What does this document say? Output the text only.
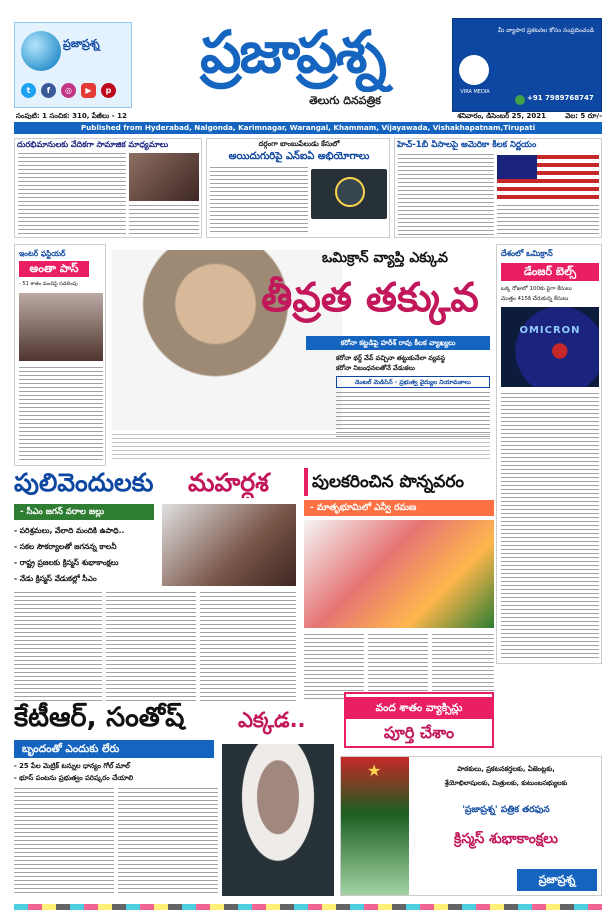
ప్రజాప్రశ్న
t	f	◎	▶	p
ప్రజాప్రశ్న
తెలుగు దినపత్రిక
మీ వ్యాపార ప్రకటనల కోసం సంప్రదించండి
VIRA MEDIA
+91 7989768747
సంపుటి: 1 సంచిక: 310, పేజీలు - 12	శనివారం, డిసెంబర్ 25, 2021	వెల: 5 రూ/-
Published from Hyderabad, Nalgonda, Karimnagar, Warangal, Khammam, Vijayawada, Vishakhapatnam,Tirupati
దురభిమానులకు వేదికగా సామాజిక మాధ్యమాలు	దర్గంగా బాంబుపేలుడు కేసులో
అయిదుగురిపై ఎన్ఐఏ అభియోగాలు
హెచ్-1బీ వీసాలపై అమెరికా కీలక నిర్ణయం
ఇంటర్ ఫస్టియర్
అంతా పాస్
- 51 శాతం మందిపై సడలింపు
ఒమిక్రాన్ వ్యాప్తి ఎక్కువ
తీవ్రత తక్కువ
కరోనా కట్టడిపై హరీశ్ రావు కీలక వ్యాఖ్యలు
కరోనా థర్డ్ వేవ్ వచ్చినా తట్టుకునేలా వ్యవస్థ
కరోనా నిబంధనలతోనే వేడుకలు
డెంటల్ మెడిసిన్ - ప్రభుత్వ వైద్యుల నియామకాలు
దేశంలో ఒమిక్రాన్
డేంజర్ బెల్స్
ఒక్క రోజులో 100కు పైగా కేసులు
మొత్తం 415కి చేరుకున్న కేసులు
OMICRON
పులివెందులకు	మహర్దశ
- సీఎం జగన్ వరాల జల్లు
- పరిశ్రమలు, వేలాది మందికి ఉపాధి..
- సకల సౌకర్యాలతో జగనన్న కాలనీ
- రాష్ట్ర ప్రజలకు క్రిస్మస్ శుభాకాంక్షలు
- నేడు క్రిస్మస్ వేడుకల్లో సీఎం
పులకరించిన పొన్నవరం
- మాతృభూమిలో ఎన్వీ రమణ
కేటీఆర్, సంతోష్	ఎక్కడ..
బృందంతో ఎందుకు లేరు
- 25 పేల మెట్రిక్ టన్నుల ధాన్యం గోల్ మాల్
- భూస్ పంటను ప్రభుత్వం పరిష్కరం చేయాలి
వంద శాతం వ్యాక్సిన్లు
పూర్తి చేశాం
★	పాఠకులు, ప్రకటనకర్తలకు, ఏజెంట్లకు,
శ్రేయోభిలాషులకు, మిత్రులకు, కుటుంబసభ్యులకు
'ప్రజాప్రశ్న' పత్రిక తరఫున
క్రిస్మస్ శుభాకాంక్షలు
ప్రజాప్రశ్న
